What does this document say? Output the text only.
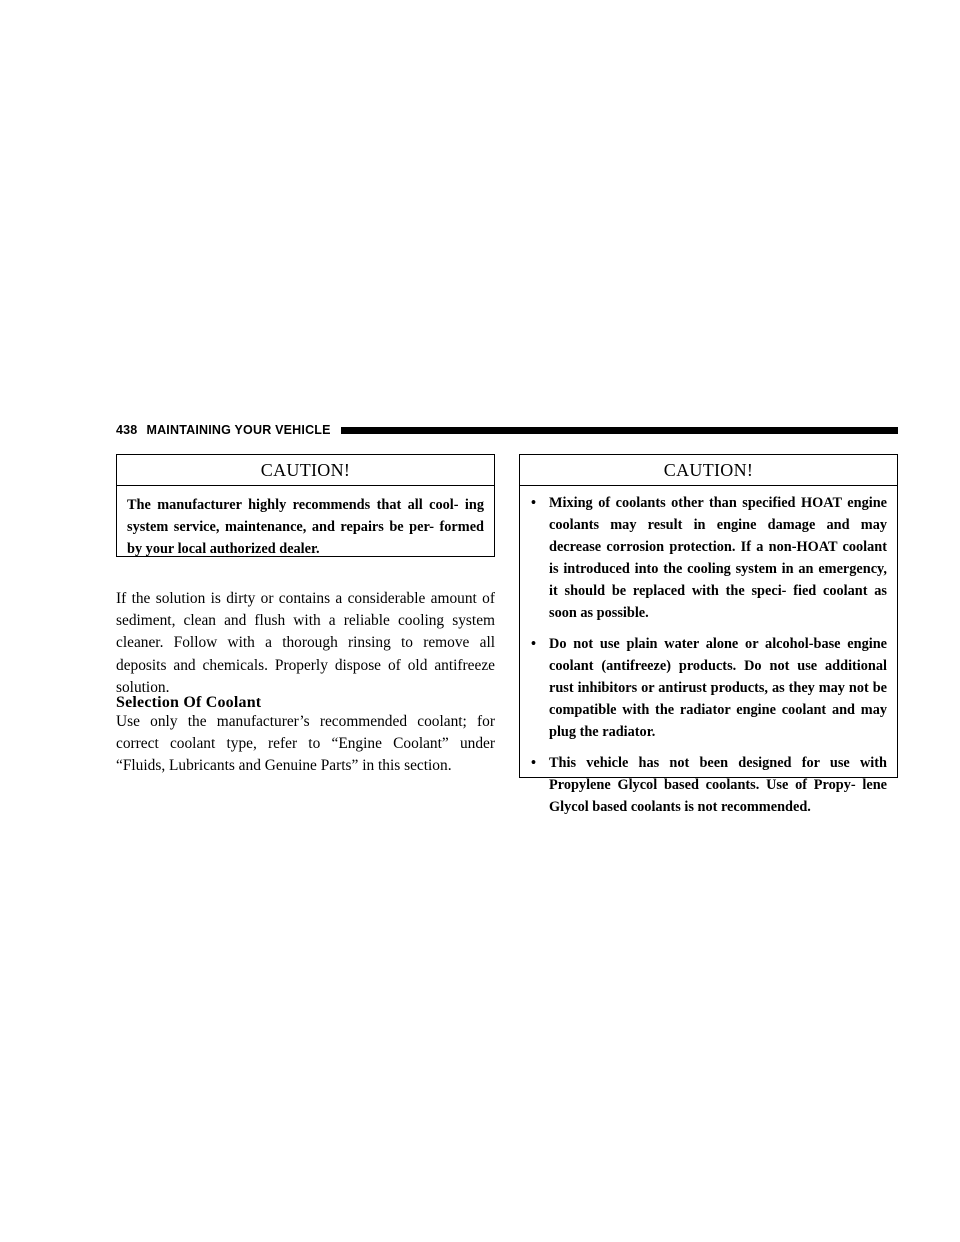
438 MAINTAINING YOUR VEHICLE
CAUTION!
The manufacturer highly recommends that all cool- ing system service, maintenance, and repairs be per- formed by your local authorized dealer.
If the solution is dirty or contains a considerable amount of sediment, clean and flush with a reliable cooling system cleaner. Follow with a thorough rinsing to remove all deposits and chemicals. Properly dispose of old antifreeze solution.
Selection Of Coolant
Use only the manufacturer’s recommended coolant; for correct coolant type, refer to “Engine Coolant” under “Fluids, Lubricants and Genuine Parts” in this section.
CAUTION!
• Mixing of coolants other than specified HOAT engine coolants may result in engine damage and may decrease corrosion protection. If a non-HOAT coolant is introduced into the cooling system in an emergency, it should be replaced with the speci- fied coolant as soon as possible.
• Do not use plain water alone or alcohol-base engine coolant (antifreeze) products. Do not use additional rust inhibitors or antirust products, as they may not be compatible with the radiator engine coolant and may plug the radiator.
• This vehicle has not been designed for use with Propylene Glycol based coolants. Use of Propy- lene Glycol based coolants is not recommended.
